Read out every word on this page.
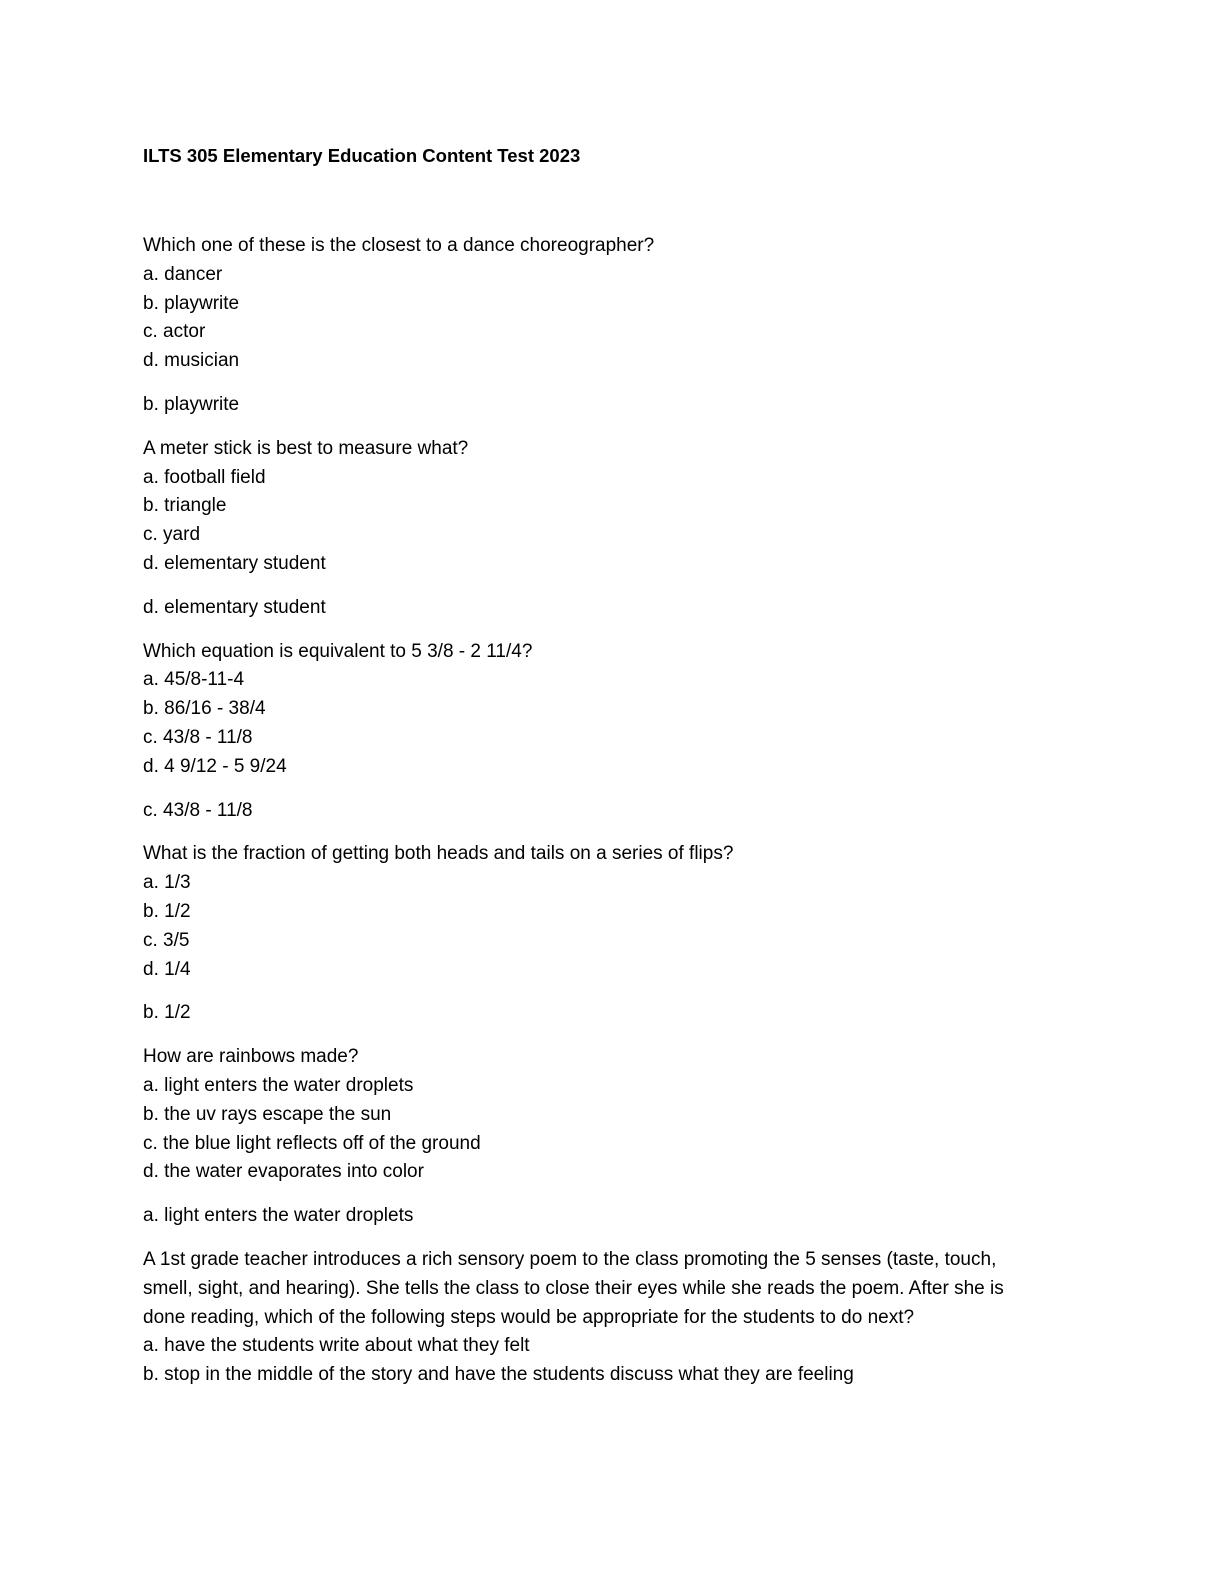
ILTS 305 Elementary Education Content Test 2023

Which one of these is the closest to a dance choreographer?

a. dancer

b. playwrite

c. actor

d. musician

b. playwrite

A meter stick is best to measure what?

a. football field

b. triangle

c. yard

d. elementary student

d. elementary student

Which equation is equivalent to 5 3/8 - 2 11/4?

a. 45/8-11-4

b. 86/16 - 38/4

c. 43/8 - 11/8

d. 4 9/12 - 5 9/24

c. 43/8 - 11/8

What is the fraction of getting both heads and tails on a series of flips?

a. 1/3

b. 1/2

c. 3/5

d. 1/4

b. 1/2

How are rainbows made?

a. light enters the water droplets

b. the uv rays escape the sun

c. the blue light reflects off of the ground

d. the water evaporates into color

a. light enters the water droplets

A 1st grade teacher introduces a rich sensory poem to the class promoting the 5 senses (taste, touch, smell, sight, and hearing). She tells the class to close their eyes while she reads the poem. After she is done reading, which of the following steps would be appropriate for the students to do next?

a. have the students write about what they felt

b. stop in the middle of the story and have the students discuss what they are feeling
